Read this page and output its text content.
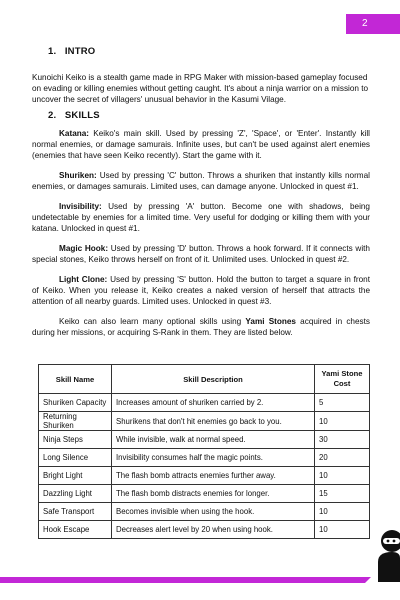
2
1. INTRO

Kunoichi Keiko is a stealth game made in RPG Maker with mission-based gameplay focused on evading or killing enemies without getting caught. It's about a ninja warrior on a mission to uncover the secret of villagers' unusual behavior in the Kasumi Vilage.

2. SKILLS

Katana: Keiko's main skill. Used by pressing 'Z', 'Space', or 'Enter'. Instantly kill normal enemies, or damage samurais. Infinite uses, but can't be used against alert enemies (enemies that have seen Keiko recently). Start the game with it.

Shuriken: Used by pressing 'C' button. Throws a shuriken that instantly kills normal enemies, or damages samurais. Limited uses, can damage anyone. Unlocked in quest #1.

Invisibility: Used by pressing 'A' button. Become one with shadows, being undetectable by enemies for a limited time. Very useful for dodging or killing them with your katana. Unlocked in quest #1.

Magic Hook: Used by pressing 'D' button. Throws a hook forward. If it connects with special stones, Keiko throws herself on front of it. Unlimited uses. Unlocked in quest #2.

Light Clone: Used by pressing 'S' button. Hold the button to target a square in front of Keiko. When you release it, Keiko creates a naked version of herself that attracts the attention of all nearby guards. Limited uses. Unlocked in quest #3.

Keiko can also learn many optional skills using Yami Stones acquired in chests during her missions, or acquiring S-Rank in them. They are listed below.

Skill Name	Skill Description	Yami Stone Cost
Shuriken Capacity	Increases amount of shuriken carried by 2.	5
Returning Shuriken	Shurikens that don't hit enemies go back to you.	10
Ninja Steps	While invisible, walk at normal speed.	30
Long Silence	Invisibility consumes half the magic points.	20
Bright Light	The flash bomb attracts enemies further away.	10
Dazzling Light	The flash bomb distracts enemies for longer.	15
Safe Transport	Becomes invisible when using the hook.	10
Hook Escape	Decreases alert level by 20 when using hook.	10
